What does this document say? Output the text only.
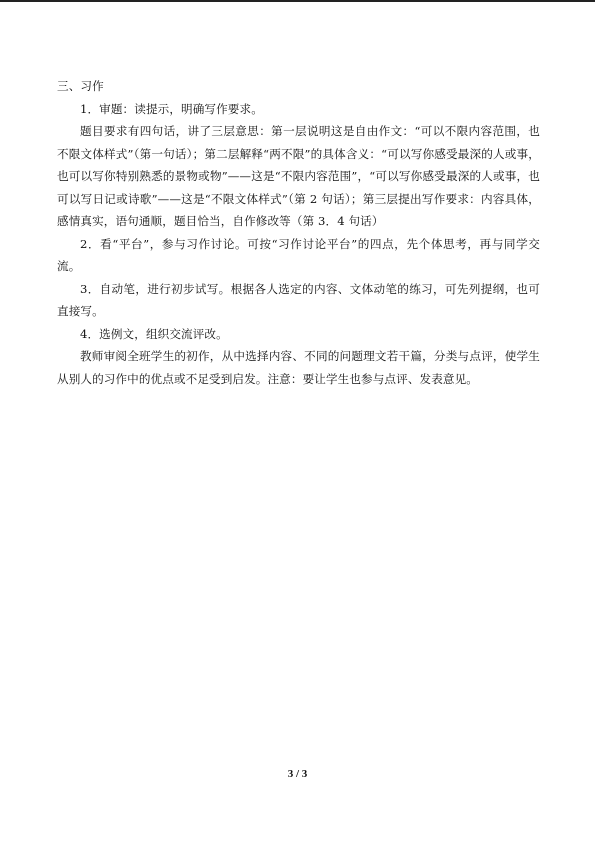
三、习作

1．审题：读提示，明确写作要求。

题目要求有四句话，讲了三层意思：第一层说明这是自由作文：“可以不限内容范围，也不限文体样式”（第一句话）；第二层解释“两不限”的具体含义：“可以写你感受最深的人或事，也可以写你特别熟悉的景物或物”——这是“不限内容范围”，“可以写你感受最深的人或事，也可以写日记或诗歌”——这是“不限文体样式”（第 2 句话）；第三层提出写作要求：内容具体，感情真实，语句通顺，题目恰当，自作修改等（第 3．4 句话）

2．看“平台”，参与习作讨论。可按“习作讨论平台”的四点，先个体思考，再与同学交流。

3．自动笔，进行初步试写。根据各人选定的内容、文体动笔的练习，可先列提纲，也可直接写。

4．选例文，组织交流评改。

教师审阅全班学生的初作，从中选择内容、不同的问题理文若干篇，分类与点评，使学生从别人的习作中的优点或不足受到启发。注意：要让学生也参与点评、发表意见。

3 / 3
